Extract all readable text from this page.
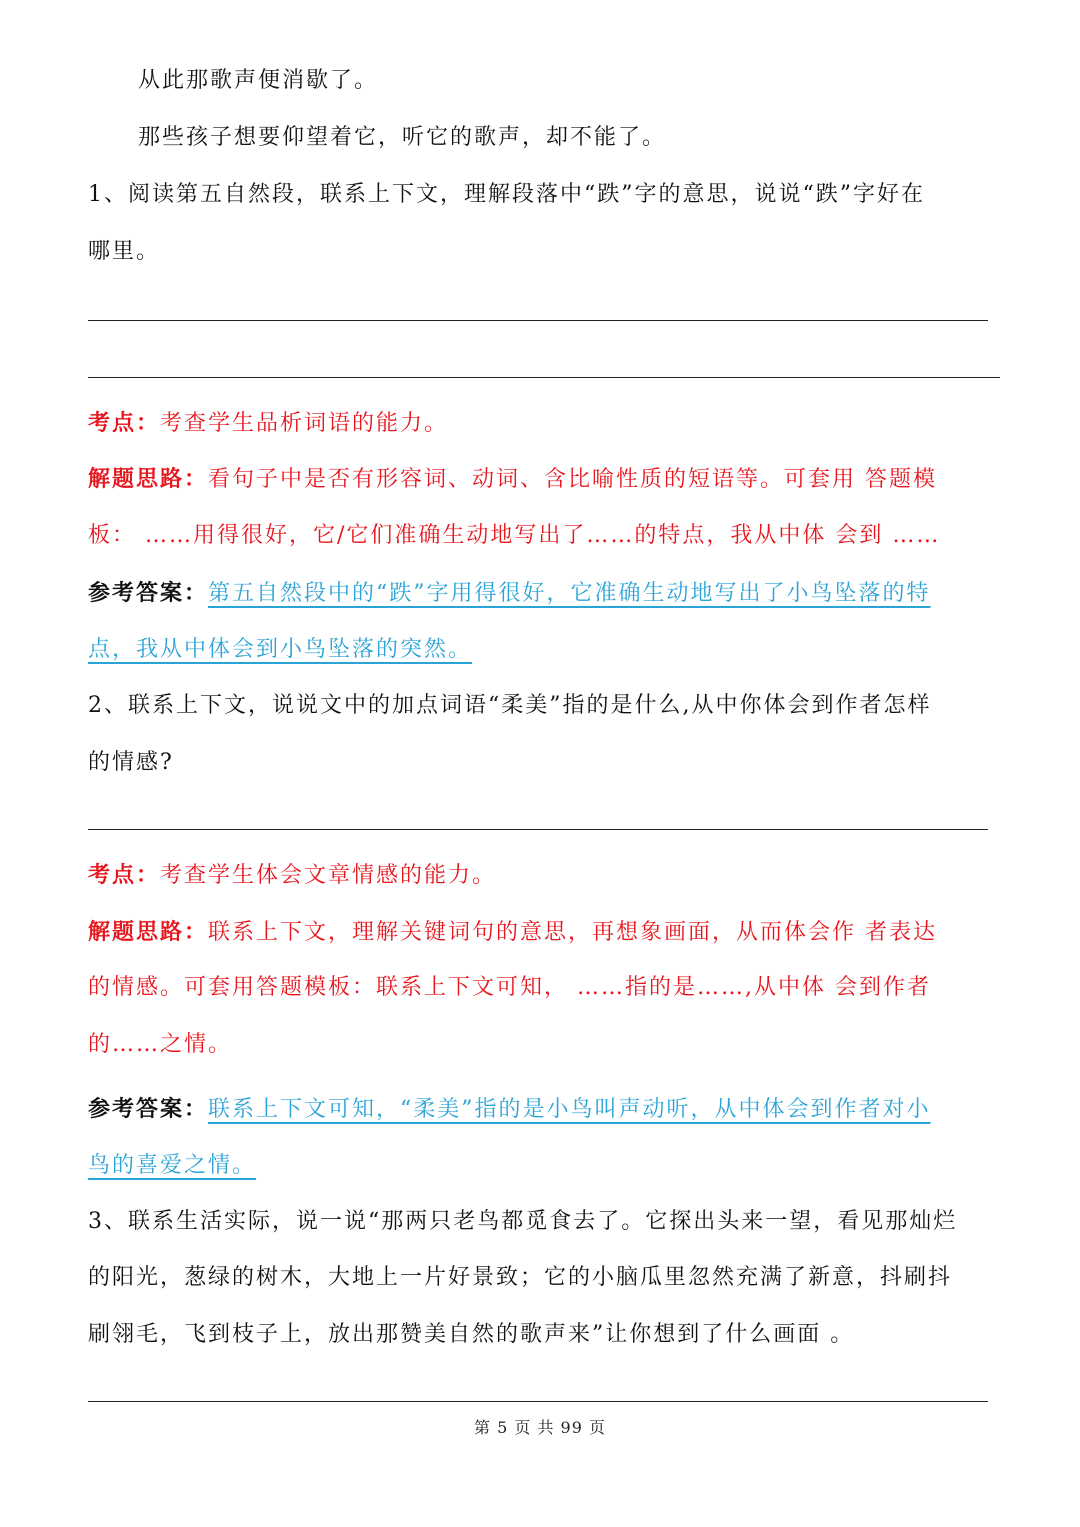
从此那歌声便消歇了。
那些孩子想要仰望着它，听它的歌声，却不能了。
1、阅读第五自然段，联系上下文，理解段落中“跌”字的意思，说说“跌”字好在
哪里。
考点：考查学生品析词语的能力。
解题思路：看句子中是否有形容词、动词、含比喻性质的短语等。可套用 答题模
板： ……用得很好，它/它们准确生动地写出了……的特点，我从中体 会到 ……
参考答案：第五自然段中的“跌”字用得很好，它准确生动地写出了小鸟坠落的特
点，我从中体会到小鸟坠落的突然。
2、联系上下文，说说文中的加点词语“柔美”指的是什么,从中你体会到作者怎样
的情感?
考点：考查学生体会文章情感的能力。
解题思路：联系上下文，理解关键词句的意思，再想象画面，从而体会作 者表达
的情感。可套用答题模板：联系上下文可知， ……指的是……,从中体 会到作者
的……之情。
参考答案：联系上下文可知，“柔美”指的是小鸟叫声动听，从中体会到作者对小
鸟的喜爱之情。
3、联系生活实际，说一说“那两只老鸟都觅食去了。它探出头来一望，看见那灿烂
的阳光，葱绿的树木，大地上一片好景致；它的小脑瓜里忽然充满了新意，抖刷抖
刷翎毛，飞到枝子上，放出那赞美自然的歌声来”让你想到了什么画面 。
第 5 页 共 99 页
